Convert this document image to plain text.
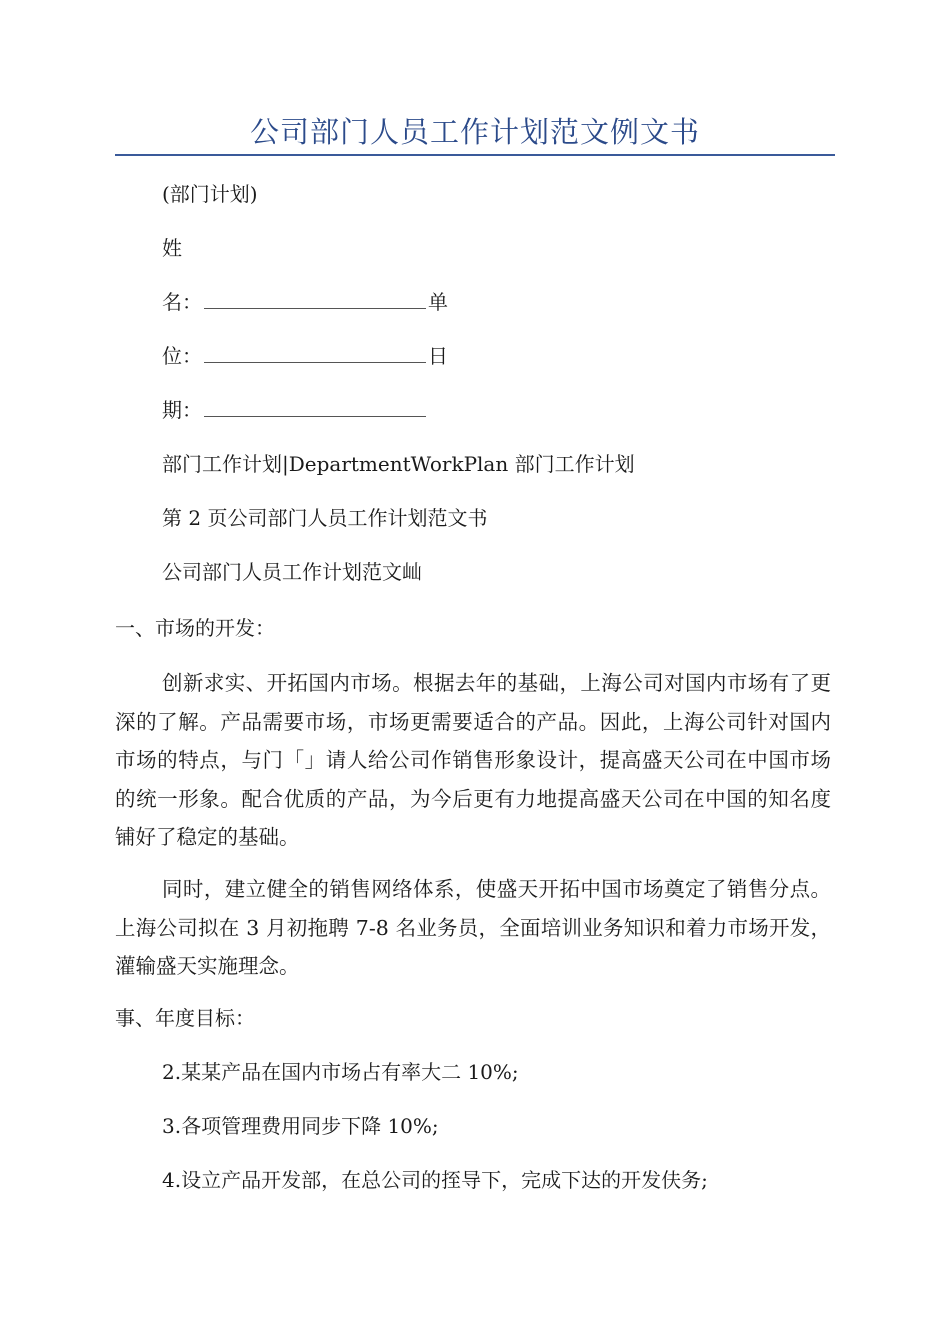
公司部门人员工作计划范文例文书
(部门计划)
姓
名：	单
位：	日
期：
部门工作计划|DepartmentWorkPlan 部门工作计划
第 2 页公司部门人员工作计划范文书
公司部门人员工作计划范文屾
一、市场的开发：
创新求实、开拓国内市场。根据去年的基础，上海公司对国内市场有了更深的了解。产品需要市场，市场更需要适合的产品。因此，上海公司针对国内市场的特点，与门「」请人给公司作销售形象设计，提高盛天公司在中国市场的统一形象。配合优质的产品，为今后更有力地提高盛天公司在中国的知名度铺好了稳定的基础。
同时，建立健全的销售网络体系，使盛天开拓中国市场奠定了销售分点。上海公司拟在 3 月初拖聘 7-8 名业务员，全面培训业务知识和着力市场开发，灌输盛天实施理念。
事、年度目标：
2.某某产品在国内市场占有率大二 10%;
3.各项管理费用同步下降 10%;
4.设立产品开发部，在总公司的挃导下，完成下达的开发伕务;
